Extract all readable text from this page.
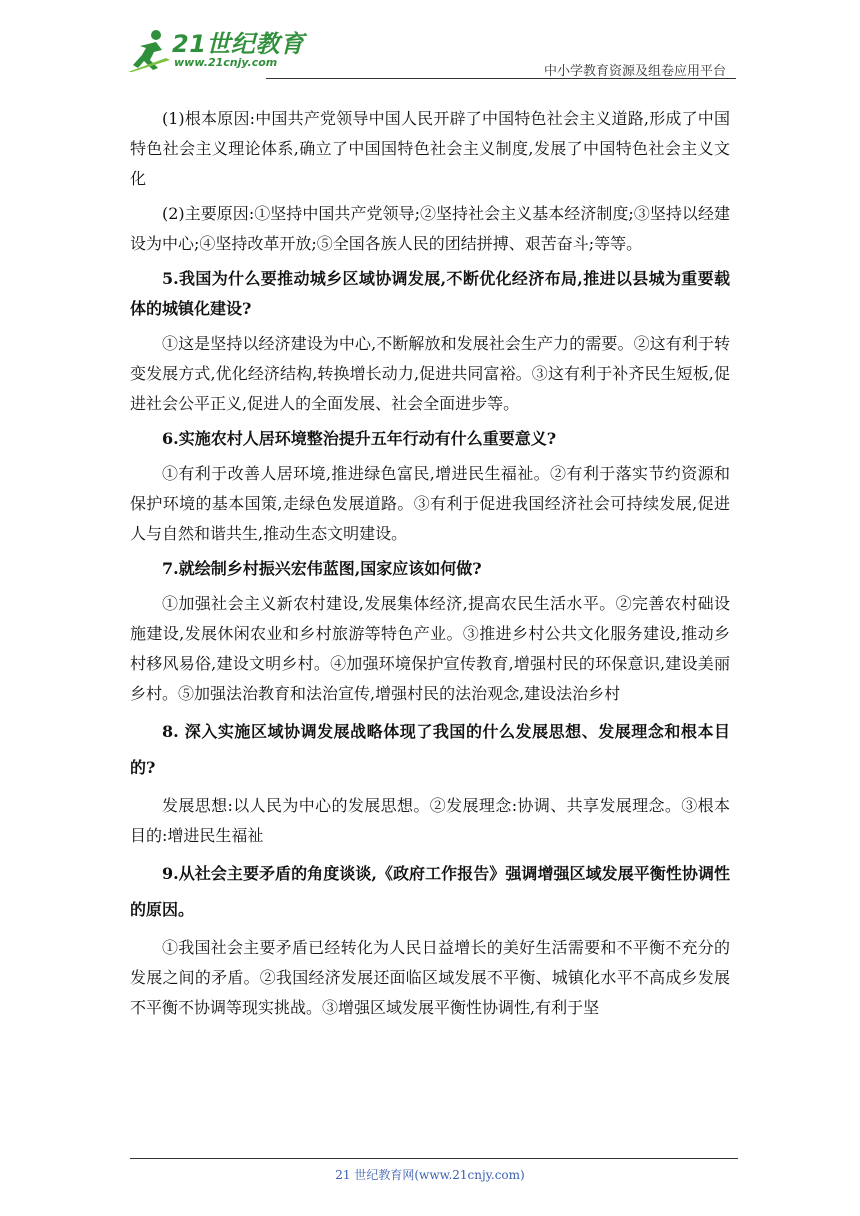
21世纪教育
www.21cnjy.com
中小学教育资源及组卷应用平台

(1)根本原因:中国共产党领导中国人民开辟了中国特色社会主义道路,形成了中国特色社会主义理论体系,确立了中国国特色社会主义制度,发展了中国特色社会主义文化

(2)主要原因:①坚持中国共产党领导;②坚持社会主义基本经济制度;③坚持以经建设为中心;④坚持改革开放;⑤全国各族人民的团结拼搏、艰苦奋斗;等等。

5.我国为什么要推动城乡区域协调发展,不断优化经济布局,推进以县城为重要载体的城镇化建设?

①这是坚持以经济建设为中心,不断解放和发展社会生产力的需要。②这有利于转变发展方式,优化经济结构,转换增长动力,促进共同富裕。③这有利于补齐民生短板,促进社会公平正义,促进人的全面发展、社会全面进步等。

6.实施农村人居环境整治提升五年行动有什么重要意义?

①有利于改善人居环境,推进绿色富民,增进民生福祉。②有利于落实节约资源和保护环境的基本国策,走绿色发展道路。③有利于促进我国经济社会可持续发展,促进人与自然和谐共生,推动生态文明建设。

7.就绘制乡村振兴宏伟蓝图,国家应该如何做?

①加强社会主义新农村建设,发展集体经济,提高农民生活水平。②完善农村础设施建设,发展休闲农业和乡村旅游等特色产业。③推进乡村公共文化服务建设,推动乡村移风易俗,建设文明乡村。④加强环境保护宣传教育,增强村民的环保意识,建设美丽乡村。⑤加强法治教育和法治宣传,增强村民的法治观念,建设法治乡村

8. 深入实施区域协调发展战略体现了我国的什么发展思想、发展理念和根本目的?

发展思想:以人民为中心的发展思想。②发展理念:协调、共享发展理念。③根本目的:增进民生福祉

9.从社会主要矛盾的角度谈谈,《政府工作报告》强调增强区域发展平衡性协调性的原因。

①我国社会主要矛盾已经转化为人民日益增长的美好生活需要和不平衡不充分的发展之间的矛盾。②我国经济发展还面临区域发展不平衡、城镇化水平不高成乡发展不平衡不协调等现实挑战。③增强区域发展平衡性协调性,有利于坚

21 世纪教育网(www.21cnjy.com)
